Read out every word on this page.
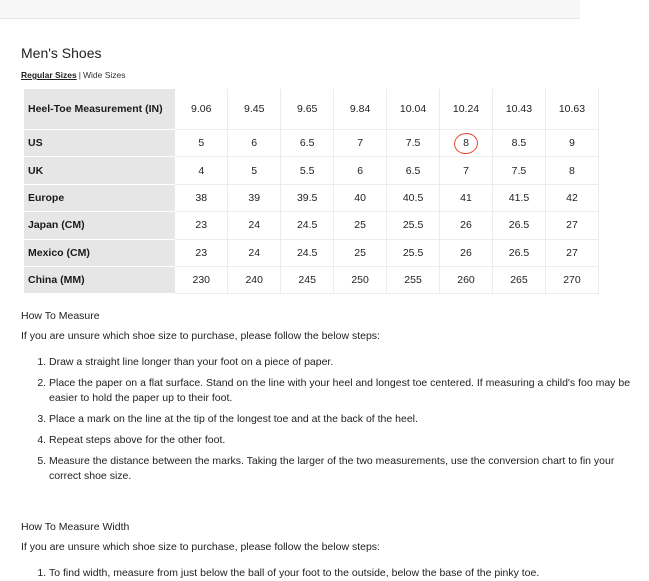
Men's Shoes
Regular Sizes | Wide Sizes
Heel-Toe Measurement (IN)	9.06	9.45	9.65	9.84	10.04	10.24	10.43	10.63
US	5	6	6.5	7	7.5	8	8.5	9
UK	4	5	5.5	6	6.5	7	7.5	8
Europe	38	39	39.5	40	40.5	41	41.5	42
Japan (CM)	23	24	24.5	25	25.5	26	26.5	27
Mexico (CM)	23	24	24.5	25	25.5	26	26.5	27
China (MM)	230	240	245	250	255	260	265	270
How To Measure
If you are unsure which shoe size to purchase, please follow the below steps:
1. Draw a straight line longer than your foot on a piece of paper.
2. Place the paper on a flat surface. Stand on the line with your heel and longest toe centered. If measuring a child's foo may be easier to hold the paper up to their foot.
3. Place a mark on the line at the tip of the longest toe and at the back of the heel.
4. Repeat steps above for the other foot.
5. Measure the distance between the marks. Taking the larger of the two measurements, use the conversion chart to fin your correct shoe size.
How To Measure Width
If you are unsure which shoe size to purchase, please follow the below steps:
1. To find width, measure from just below the ball of your foot to the outside, below the base of the pinky toe.
